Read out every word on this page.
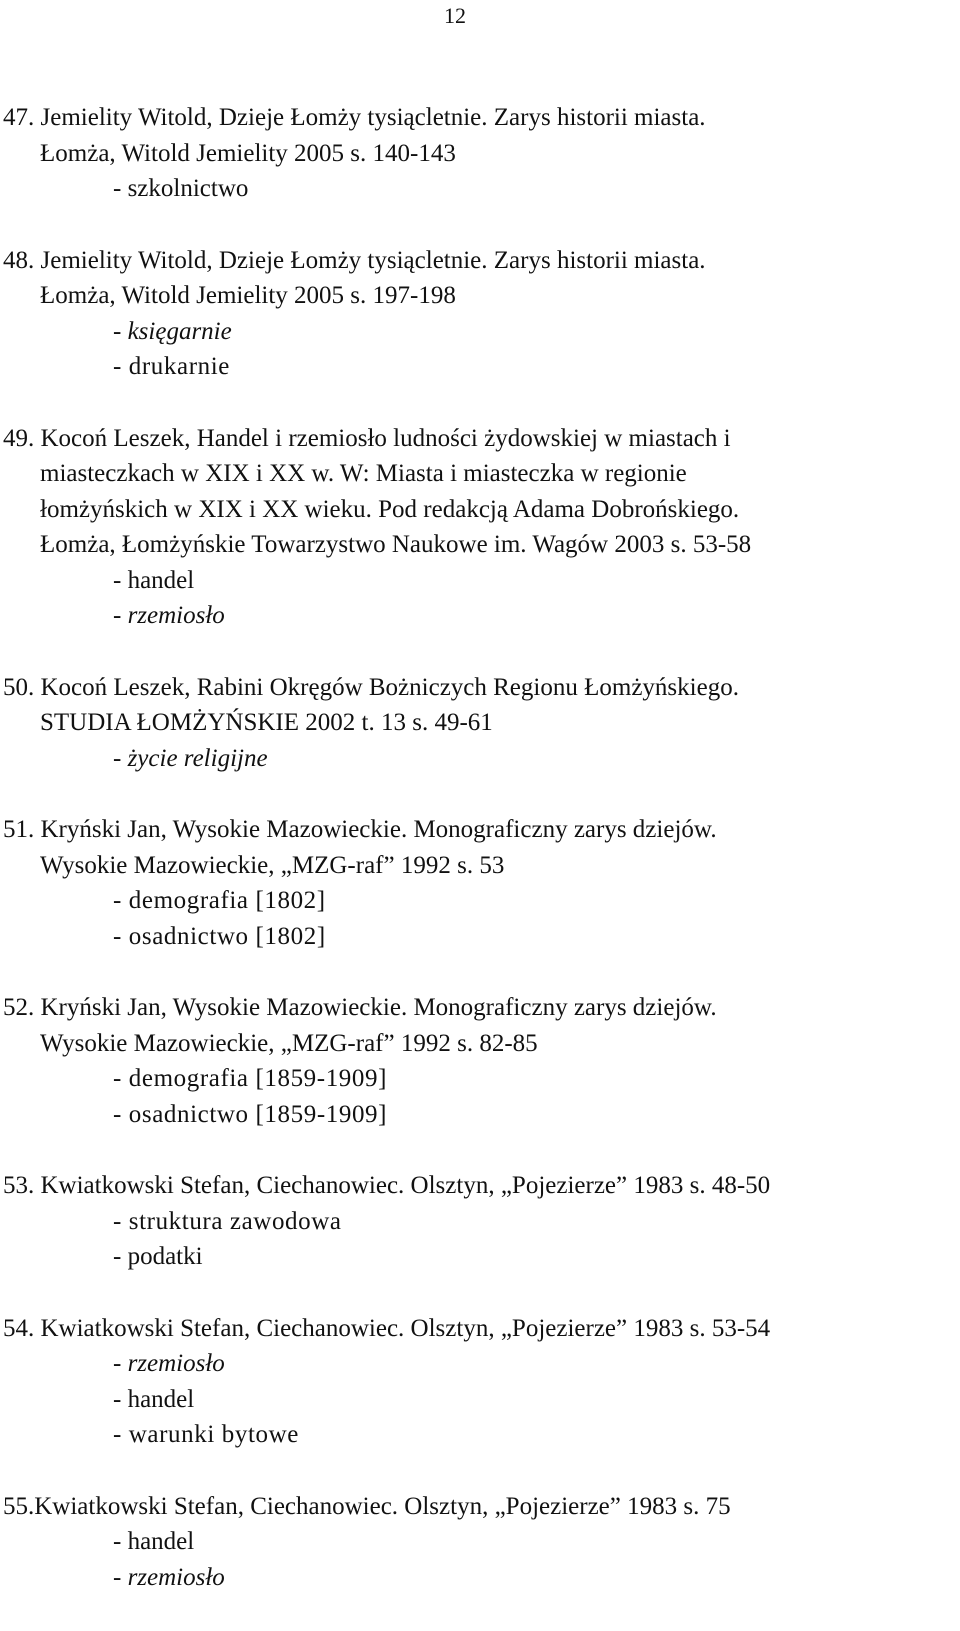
12
47. Jemielity Witold, Dzieje Łomży tysiącletnie. Zarys historii miasta.
Łomża, Witold Jemielity 2005 s. 140-143
- szkolnictwo
48. Jemielity Witold, Dzieje Łomży tysiącletnie. Zarys historii miasta.
Łomża, Witold Jemielity 2005 s. 197-198
- księgarnie
- drukarnie
49. Kocoń Leszek, Handel i rzemiosło ludności żydowskiej w miastach i
miasteczkach w XIX i XX w. W: Miasta i miasteczka w regionie
łomżyńskich w XIX i XX wieku. Pod redakcją Adama Dobrońskiego.
Łomża, Łomżyńskie Towarzystwo Naukowe im. Wagów 2003 s. 53-58
- handel
- rzemiosło
50. Kocoń Leszek, Rabini Okręgów Bożniczych Regionu Łomżyńskiego.
STUDIA ŁOMŻYŃSKIE 2002 t. 13 s. 49-61
- życie religijne
51. Kryński Jan, Wysokie Mazowieckie. Monograficzny zarys dziejów.
Wysokie Mazowieckie, „MZG-raf” 1992 s. 53
- demografia [1802]
- osadnictwo [1802]
52. Kryński Jan, Wysokie Mazowieckie. Monograficzny zarys dziejów.
Wysokie Mazowieckie, „MZG-raf” 1992 s. 82-85
- demografia [1859-1909]
- osadnictwo [1859-1909]
53. Kwiatkowski Stefan, Ciechanowiec. Olsztyn, „Pojezierze” 1983 s. 48-50
- struktura zawodowa
- podatki
54. Kwiatkowski Stefan, Ciechanowiec. Olsztyn, „Pojezierze” 1983 s. 53-54
- rzemiosło
- handel
- warunki bytowe
55.Kwiatkowski Stefan, Ciechanowiec. Olsztyn, „Pojezierze” 1983 s. 75
- handel
- rzemiosło
